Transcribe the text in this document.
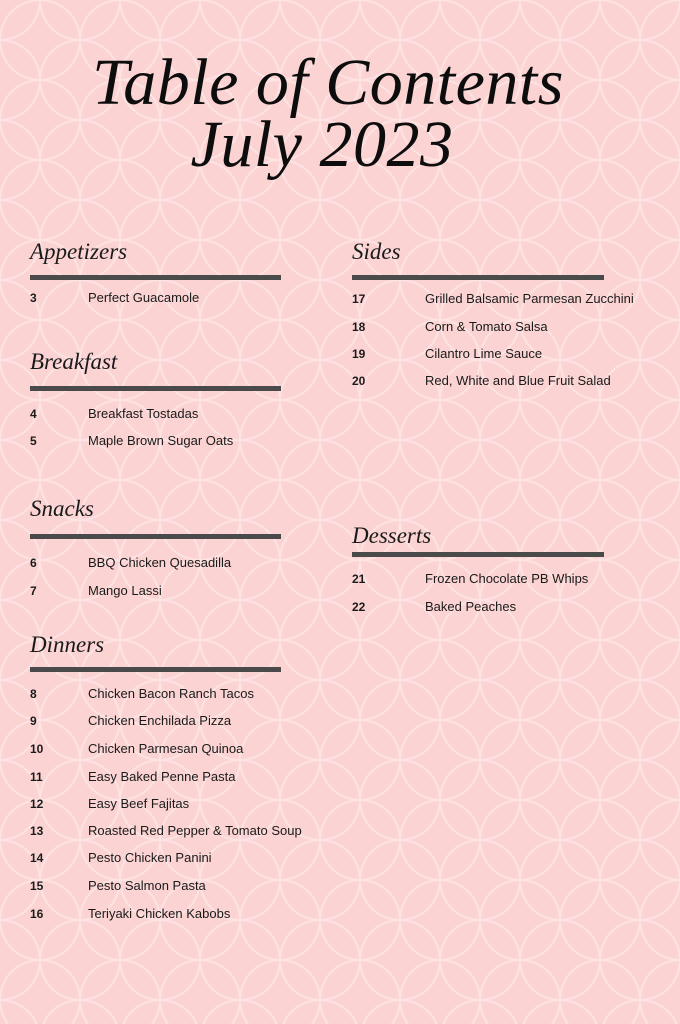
Table of Contents
July 2023
Appetizers
3	Perfect Guacamole
Breakfast
4	Breakfast Tostadas
5	Maple Brown Sugar Oats
Snacks
6	BBQ Chicken Quesadilla
7	Mango Lassi
Dinners
8	Chicken Bacon Ranch Tacos
9	Chicken Enchilada Pizza
10	Chicken Parmesan Quinoa
11	Easy Baked Penne Pasta
12	Easy Beef Fajitas
13	Roasted Red Pepper & Tomato Soup
14	Pesto Chicken Panini
15	Pesto Salmon Pasta
16	Teriyaki Chicken Kabobs
Sides
17	Grilled Balsamic Parmesan Zucchini
18	Corn & Tomato Salsa
19	Cilantro Lime Sauce
20	Red, White and Blue Fruit Salad
Desserts
21	Frozen Chocolate PB Whips
22	Baked Peaches
